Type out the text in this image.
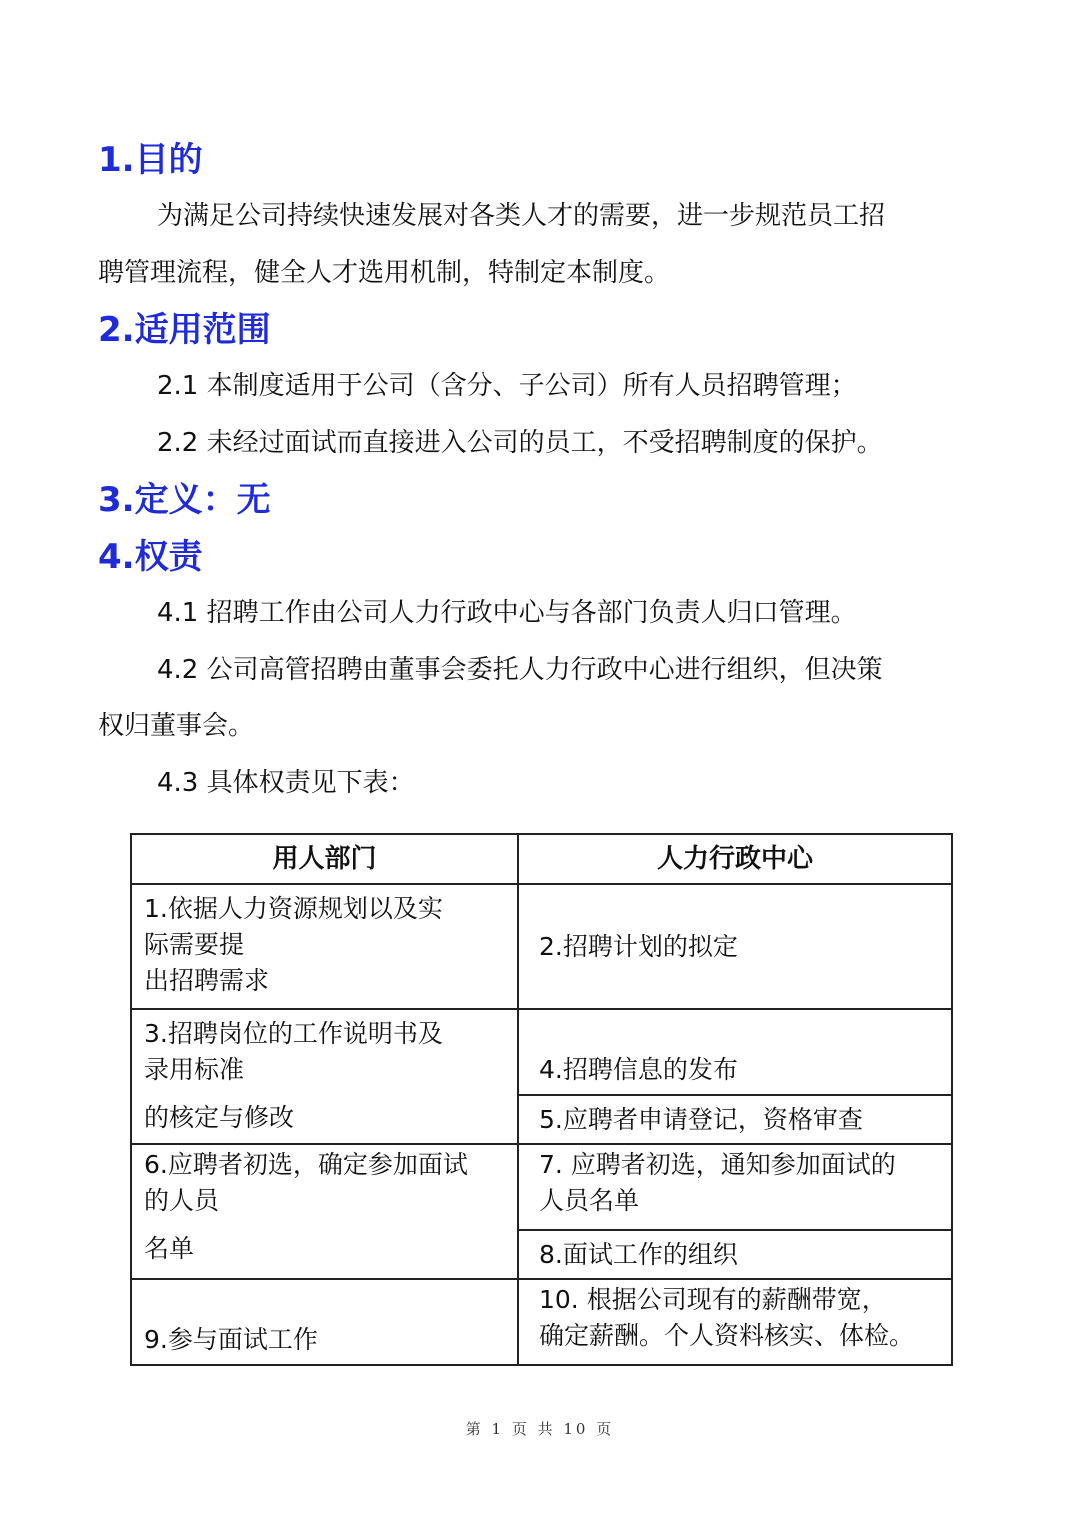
1.目的
为满足公司持续快速发展对各类人才的需要，进一步规范员工招
聘管理流程，健全人才选用机制，特制定本制度。
2.适用范围
2.1 本制度适用于公司（含分、子公司）所有人员招聘管理；
2.2 未经过面试而直接进入公司的员工，不受招聘制度的保护。
3.定义：无
4.权责
4.1 招聘工作由公司人力行政中心与各部门负责人归口管理。
4.2 公司高管招聘由董事会委托人力行政中心进行组织，但决策
权归董事会。
4.3 具体权责见下表：
用人部门	人力行政中心

1.依据人力资源规划以及实
际需要提
出招聘需求	2.招聘计划的拟定

3.招聘岗位的工作说明书及
录用标准
的核定与修改	4.招聘信息的发布

	5.应聘者申请登记，资格审查

6.应聘者初选，确定参加面试
的人员
名单	7. 应聘者初选，通知参加面试的
人员名单

	8.面试工作的组织

9.参与面试工作	10. 根据公司现有的薪酬带宽，
确定薪酬。个人资料核实、体检。
第 1 页 共 10 页
